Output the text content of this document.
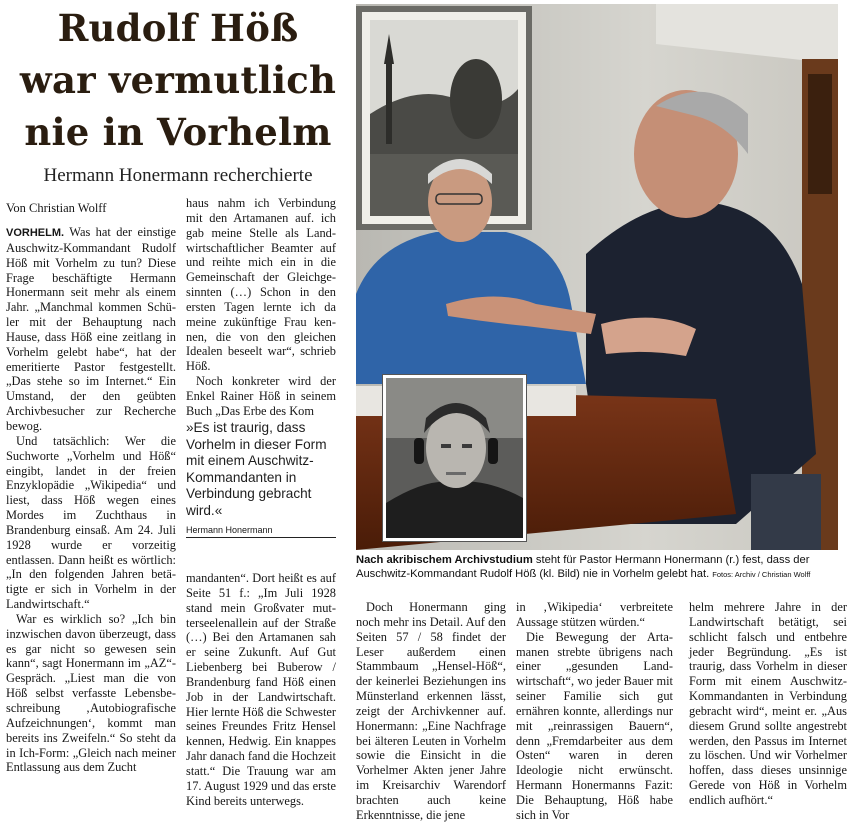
Rudolf Höß
war vermutlich
nie in Vorhelm
Hermann Honermann recherchierte
Von Christian Wolff

VORHELM. Was hat der einstige Auschwitz-Kommandant Rudolf Höß mit Vorhelm zu tun? Diese Frage beschäftigte Hermann Honermann seit mehr als einem Jahr. „Manchmal kommen Schüler mit der Behauptung nach Hause, dass Höß eine zeitlang in Vorhelm gelebt habe“, hat der emeritierte Pastor festgestellt. „Das stehe so im Internet.“ Ein Umstand, der den geübten Archivbesucher zur Recherche bewog.

Und tatsächlich: Wer die Suchworte „Vorhelm und Höß“ eingibt, landet in der freien Enzyklopädie „Wikipedia“ und liest, dass Höß wegen eines Mordes im Zuchthaus in Brandenburg einsaß. Am 24. Juli 1928 wurde er vorzeitig entlassen. Dann heißt es wörtlich: „In den folgenden Jahren betätigte er sich in Vorhelm in der Landwirtschaft.“

War es wirklich so? „Ich bin inzwischen davon überzeugt, dass es gar nicht so gewesen sein kann“, sagt Honermann im „AZ“-Gespräch. „Liest man die von Höß selbst verfasste Lebensbeschreibung ‚Autobiografische Aufzeichnungen‘, kommt man bereits ins Zweifeln.“ So steht da in Ich-Form: „Gleich nach meiner Entlassung aus dem Zucht

haus nahm ich Verbindung mit den Artamanen auf. ich gab meine Stelle als Landwirtschaftlicher Beamter auf und reihte mich ein in die Gemeinschaft der Gleichgesinnten (…) Schon in den ersten Tagen lernte ich da meine zukünftige Frau kennen, die von den gleichen Idealen beseelt war“, schrieb Höß.

Noch konkreter wird der Enkel Rainer Höß in seinem Buch „Das Erbe des Kom

»Es ist traurig, dass Vorhelm in dieser Form mit einem Auschwitz-Kommandanten in Verbindung gebracht wird.«
Hermann Honermann

mandanten“. Dort heißt es auf Seite 51 f.: „Im Juli 1928 stand mein Großvater mutterseelenallein auf der Straße (…) Bei den Artamanen sah er seine Zukunft. Auf Gut Liebenberg bei Buberow / Brandenburg fand Höß einen Job in der Landwirtschaft. Hier lernte Höß die Schwester seines Freundes Fritz Hensel kennen, Hedwig. Ein knappes Jahr danach fand die Hochzeit statt.“ Die Trauung war am 17. August 1929 und das erste Kind bereits unterwegs.

Doch Honermann ging noch mehr ins Detail. Auf den Seiten 57 / 58 findet der Leser außerdem einen Stammbaum „Hensel-Höß“, der keinerlei Beziehungen ins Münsterland erkennen lässt, zeigt der Archivkenner auf. Honermann: „Eine Nachfrage bei älteren Leuten in Vorhelm sowie die Einsicht in die Vorhelmer Akten jener Jahre im Kreisarchiv Warendorf brachten auch keine Erkenntnisse, die jene

in ‚Wikipedia‘ verbreitete Aussage stützen würden.“

Die Bewegung der Artamanen strebte übrigens nach einer „gesunden Landwirtschaft“, wo jeder Bauer mit seiner Familie sich gut ernähren konnte, allerdings nur mit „reinrassigen Bauern“, denn „Fremdarbeiter aus dem Osten“ waren in deren Ideologie nicht erwünscht. Hermann Honermanns Fazit: Die Behauptung, Höß habe sich in Vor

helm mehrere Jahre in der Landwirtschaft betätigt, sei schlicht falsch und entbehre jeder Begründung. „Es ist traurig, dass Vorhelm in dieser Form mit einem Auschwitz-Kommandanten in Verbindung gebracht wird“, meint er. „Aus diesem Grund sollte angestrebt werden, den Passus im Internet zu löschen. Und wir Vorhelmer hoffen, dass dieses unsinnige Gerede von Höß in Vorhelm endlich aufhört.“

Nach akribischem Archivstudium steht für Pastor Hermann Honermann (r.) fest, dass der Auschwitz-Kommandant Rudolf Höß (kl. Bild) nie in Vorhelm gelebt hat. Fotos: Archiv / Christian Wolff
